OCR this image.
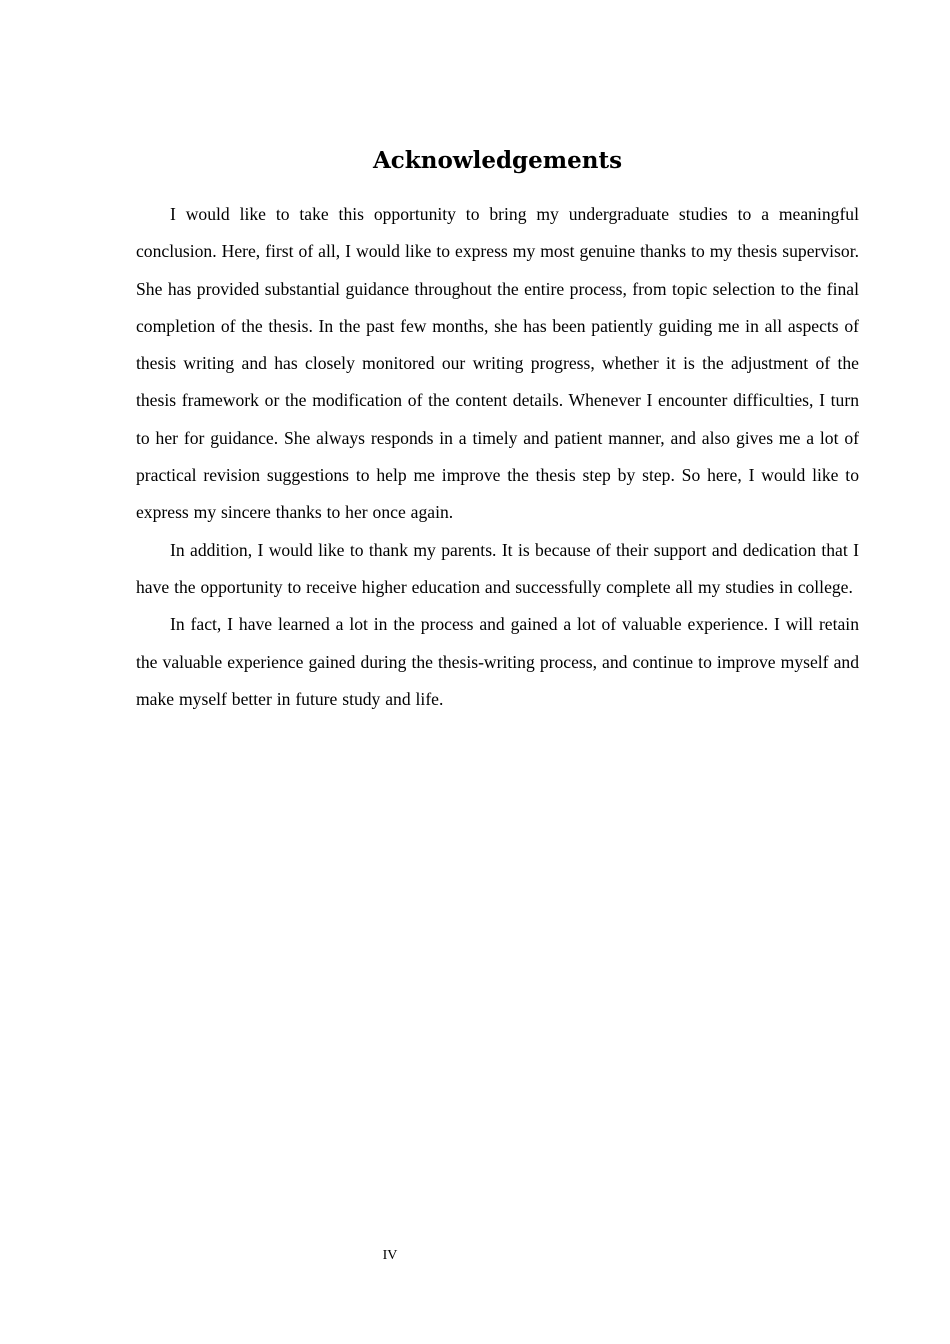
Acknowledgements

I would like to take this opportunity to bring my undergraduate studies to a meaningful conclusion. Here, first of all, I would like to express my most genuine thanks to my thesis supervisor. She has provided substantial guidance throughout the entire process, from topic selection to the final completion of the thesis. In the past few months, she has been patiently guiding me in all aspects of thesis writing and has closely monitored our writing progress, whether it is the adjustment of the thesis framework or the modification of the content details. Whenever I encounter difficulties, I turn to her for guidance. She always responds in a timely and patient manner, and also gives me a lot of practical revision suggestions to help me improve the thesis step by step. So here, I would like to express my sincere thanks to her once again.

In addition, I would like to thank my parents. It is because of their support and dedication that I have the opportunity to receive higher education and successfully complete all my studies in college.

In fact, I have learned a lot in the process and gained a lot of valuable experience. I will retain the valuable experience gained during the thesis-writing process, and continue to improve myself and make myself better in future study and life.

IV
